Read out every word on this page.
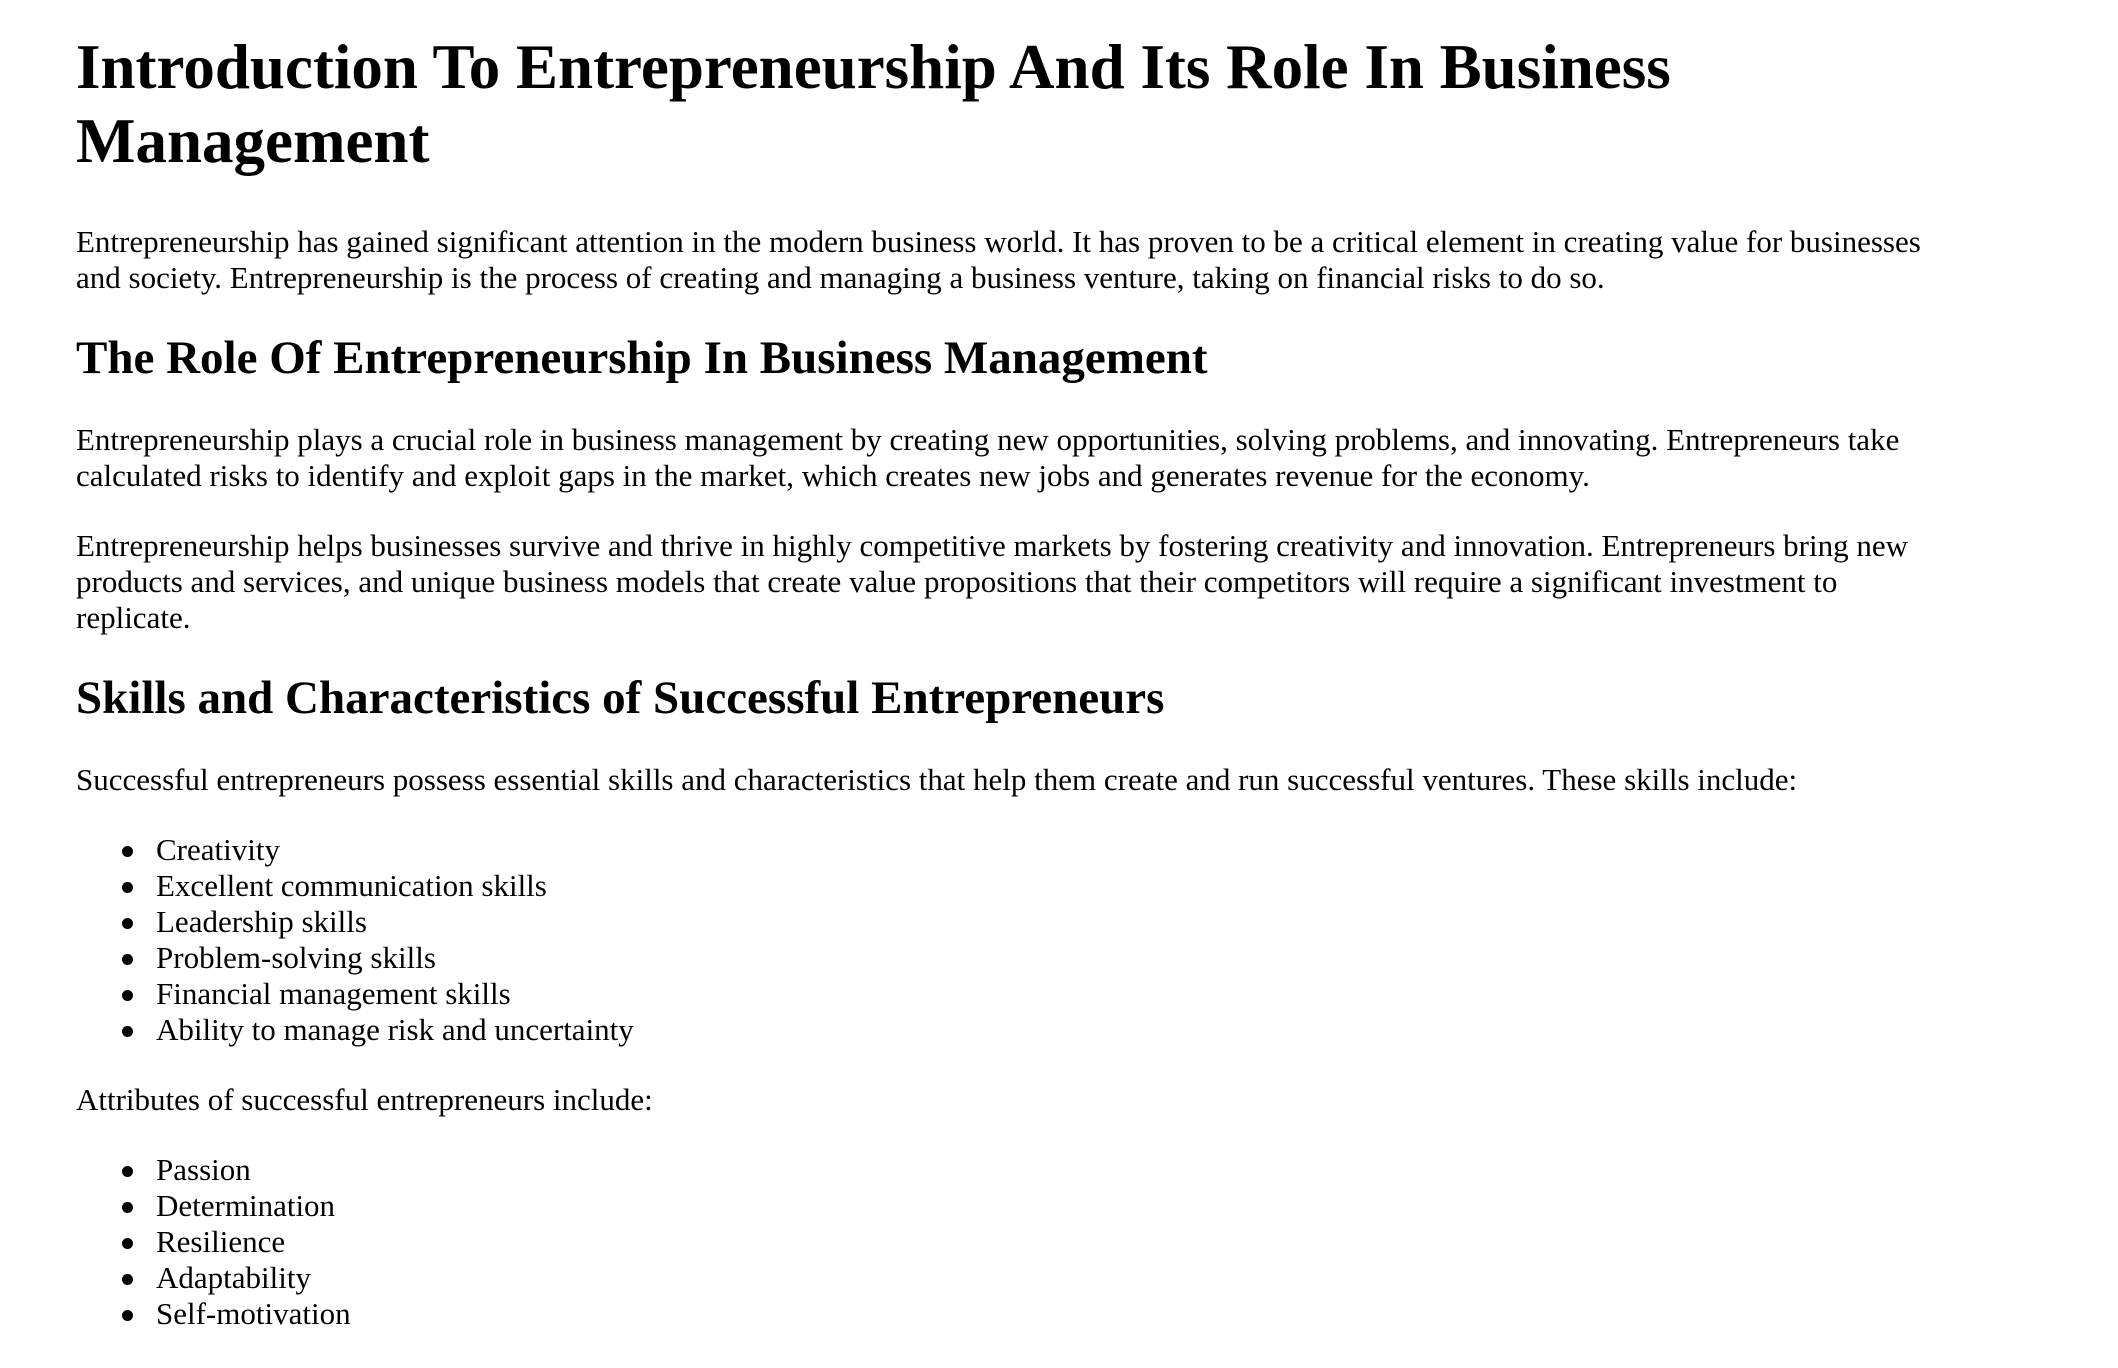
Introduction To Entrepreneurship And Its Role In Business Management

Entrepreneurship has gained significant attention in the modern business world. It has proven to be a critical element in creating value for businesses and society. Entrepreneurship is the process of creating and managing a business venture, taking on financial risks to do so.

The Role Of Entrepreneurship In Business Management

Entrepreneurship plays a crucial role in business management by creating new opportunities, solving problems, and innovating. Entrepreneurs take calculated risks to identify and exploit gaps in the market, which creates new jobs and generates revenue for the economy.

Entrepreneurship helps businesses survive and thrive in highly competitive markets by fostering creativity and innovation. Entrepreneurs bring new products and services, and unique business models that create value propositions that their competitors will require a significant investment to replicate.

Skills and Characteristics of Successful Entrepreneurs

Successful entrepreneurs possess essential skills and characteristics that help them create and run successful ventures. These skills include:

Creativity
Excellent communication skills
Leadership skills
Problem-solving skills
Financial management skills
Ability to manage risk and uncertainty

Attributes of successful entrepreneurs include:

Passion
Determination
Resilience
Adaptability
Self-motivation
